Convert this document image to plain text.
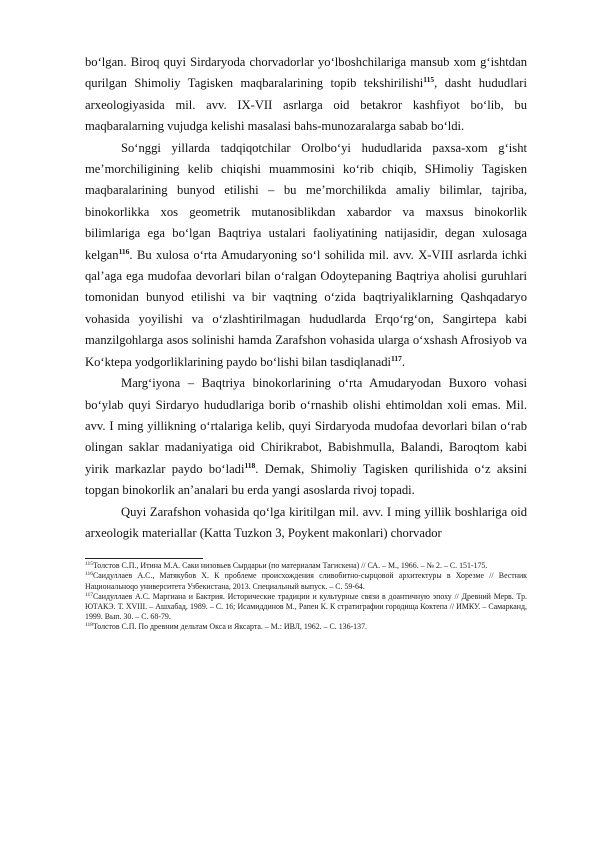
bo‘lgan. Biroq quyi Sirdaryoda chorvadorlar yo‘lboshchilariga mansub xom g‘ishtdan qurilgan Shimoliy Tagisken maqbaralarining topib tekshirilishi$^{115}$, dasht hududlari arxeologiyasida mil. avv. IX-VII asrlarga oid betakror kashfiyot bo‘lib, bu maqbaralarning vujudga kelishi masalasi bahs-munozaralarga sabab bo‘ldi.

So‘nggi yillarda tadqiqotchilar Orolbo‘yi hududlarida paxsa-xom g‘isht me’morchiligining kelib chiqishi muammosini ko‘rib chiqib, SHimoliy Tagisken maqbaralarining bunyod etilishi – bu me’morchilikda amaliy bilimlar, tajriba, binokorlikka xos geometrik mutanosiblikdan xabardor va maxsus binokorlik bilimlariga ega bo‘lgan Baqtriya ustalari faoliyatining natijasidir, degan xulosaga kelgan$^{116}$. Bu xulosa o‘rta Amudaryoning so‘l sohilida mil. avv. X-VIII asrlarda ichki qal’aga ega mudofaa devorlari bilan o‘ralgan Odoytepaning Baqtriya aholisi guruhlari tomonidan bunyod etilishi va bir vaqtning o‘zida baqtriyaliklarning Qashqadaryo vohasida yoyilishi va o‘zlashtirilmagan hududlarda Erqo‘rg‘on, Sangirtepa kabi manzilgohlarga asos solinishi hamda Zarafshon vohasida ularga o‘xshash Afrosiyob va Ko‘ktepa yodgorliklarining paydo bo‘lishi bilan tasdiqlanadi$^{117}$.

Marg‘iyona – Baqtriya binokorlarining o‘rta Amudaryodan Buxoro vohasi bo‘ylab quyi Sirdaryo hududlariga borib o‘rnashib olishi ehtimoldan xoli emas. Mil. avv. I ming yillikning o‘rtalariga kelib, quyi Sirdaryoda mudofaa devorlari bilan o‘rab olingan saklar madaniyatiga oid Chirikrabot, Babishmulla, Balandi, Baroqtom kabi yirik markazlar paydo bo‘ladi$^{118}$. Demak, Shimoliy Tagisken qurilishida o‘z aksini topgan binokorlik an’analari bu erda yangi asoslarda rivoj topadi.

Quyi Zarafshon vohasida qo‘lga kiritilgan mil. avv. I ming yillik boshlariga oid arxeologik materiallar (Katta Tuzkon 3, Poykent makonlari) chorvador

$^{115}$Толстов С.П., Итина М.А. Саки низовьев Сырдарьи (по материалам Тагискена) // СА. – М., 1966. – № 2. – С. 151-175.

$^{116}$Саидуллаев А.С., Матякубов Х. К проблеме происхождения сливобитно-сырцовой архитектуры в Хорезме // Вестник Национальноqo университета Узбекистана, 2013. Специальный выпуск. – С. 59-64.

$^{117}$Саидуллаев А.С. Маргиана и Бактрия. Исторические традиции и культурные связи в доантичную эпоху // Древний Мерв. Тр. ЮТАКЭ. Т. XVIII. – Ашхабад, 1989. – С. 16; Исамиддинов М., Рапен К. К стратиграфии городища Коктепа // ИМКУ. – Самарканд, 1999. Вып. 30. – С. 68-79.

$^{118}$Толстов С.П. По древним дельтам Окса и Яксарта. – М.: ИВЛ, 1962. – С. 136-137.
